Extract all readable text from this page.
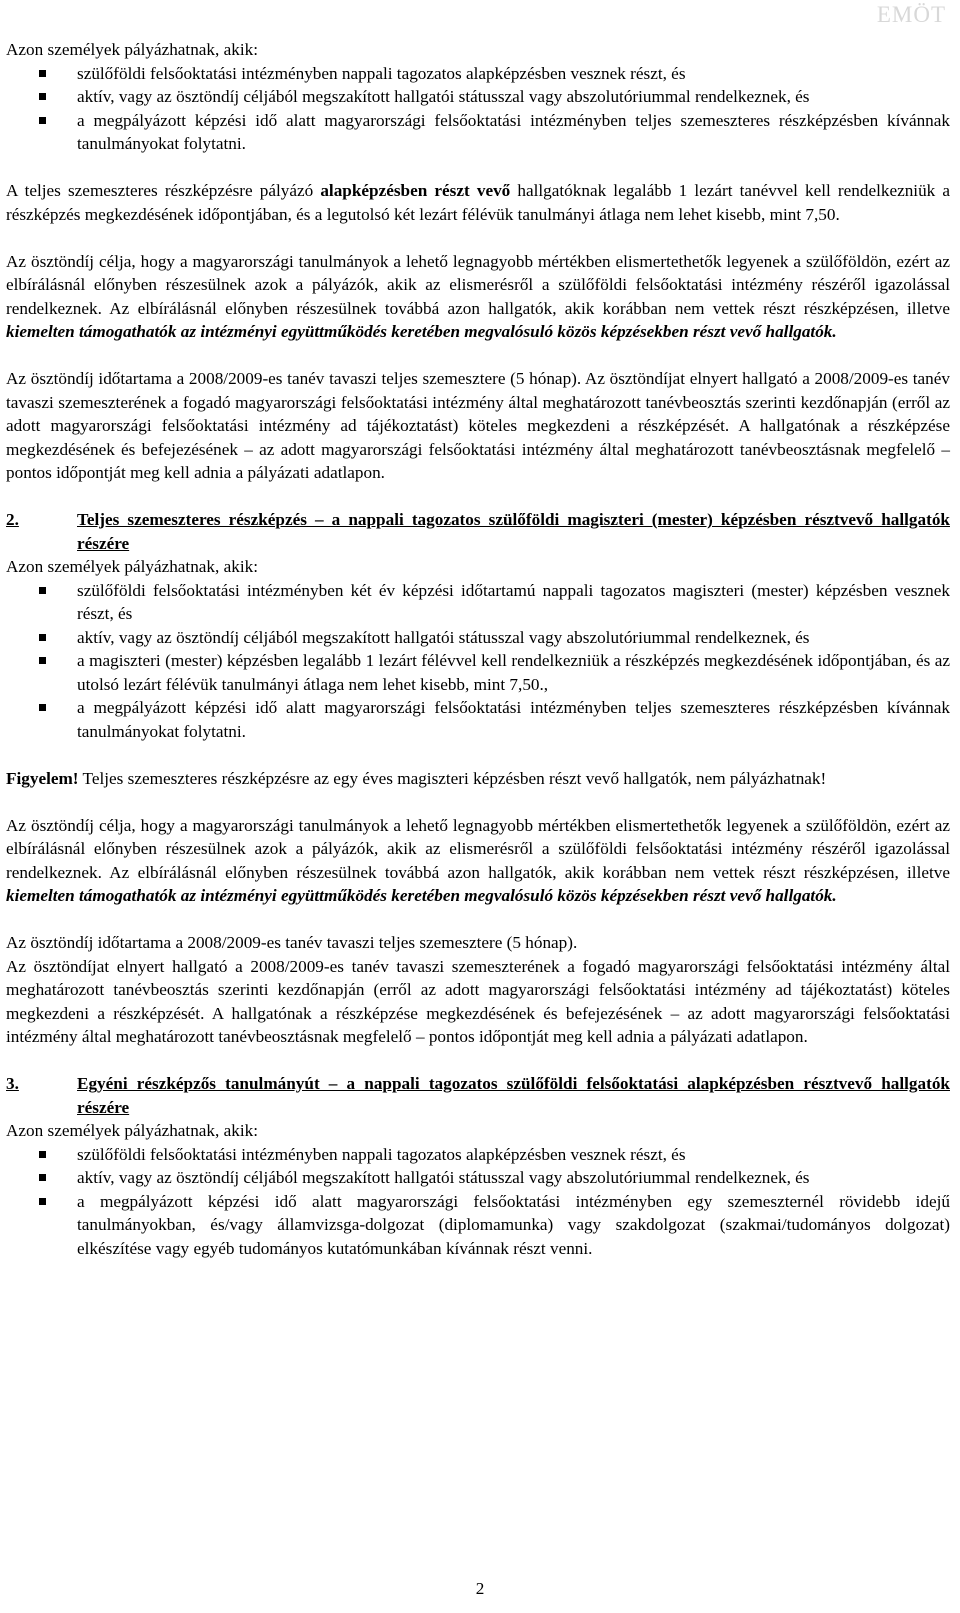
EMÖT

Azon személyek pályázhatnak, akik:

szülőföldi felsőoktatási intézményben nappali tagozatos alapképzésben vesznek részt, és
aktív, vagy az ösztöndíj céljából megszakított hallgatói státusszal vagy abszolutóriummal rendelkeznek, és
a megpályázott képzési idő alatt magyarországi felsőoktatási intézményben teljes szemeszteres részképzésben kívánnak tanulmányokat folytatni.

A teljes szemeszteres részképzésre pályázó alapképzésben részt vevő hallgatóknak legalább 1 lezárt tanévvel kell rendelkezniük a részképzés megkezdésének időpontjában, és a legutolsó két lezárt félévük tanulmányi átlaga nem lehet kisebb, mint 7,50.

Az ösztöndíj célja, hogy a magyarországi tanulmányok a lehető legnagyobb mértékben elismertethetők legyenek a szülőföldön, ezért az elbírálásnál előnyben részesülnek azok a pályázók, akik az elismerésről a szülőföldi felsőoktatási intézmény részéről igazolással rendelkeznek. Az elbírálásnál előnyben részesülnek továbbá azon hallgatók, akik korábban nem vettek részt részképzésen, illetve kiemelten támogathatók az intézményi együttműködés keretében megvalósuló közös képzésekben részt vevő hallgatók.

Az ösztöndíj időtartama a 2008/2009-es tanév tavaszi teljes szemesztere (5 hónap). Az ösztöndíjat elnyert hallgató a 2008/2009-es tanév tavaszi szemeszterének a fogadó magyarországi felsőoktatási intézmény által meghatározott tanévbeosztás szerinti kezdőnapján (erről az adott magyarországi felsőoktatási intézmény ad tájékoztatást) köteles megkezdeni a részképzését. A hallgatónak a részképzése megkezdésének és befejezésének – az adott magyarországi felsőoktatási intézmény által meghatározott tanévbeosztásnak megfelelő – pontos időpontját meg kell adnia a pályázati adatlapon.

2.	Teljes szemeszteres részképzés – a nappali tagozatos szülőföldi magiszteri (mester) képzésben résztvevő hallgatók részére

Azon személyek pályázhatnak, akik:

szülőföldi felsőoktatási intézményben két év képzési időtartamú nappali tagozatos magiszteri (mester) képzésben vesznek részt, és
aktív, vagy az ösztöndíj céljából megszakított hallgatói státusszal vagy abszolutóriummal rendelkeznek, és
a magiszteri (mester) képzésben legalább 1 lezárt félévvel kell rendelkezniük a részképzés megkezdésének időpontjában, és az utolsó lezárt félévük tanulmányi átlaga nem lehet kisebb, mint 7,50.,
a megpályázott képzési idő alatt magyarországi felsőoktatási intézményben teljes szemeszteres részképzésben kívánnak tanulmányokat folytatni.

Figyelem! Teljes szemeszteres részképzésre az egy éves magiszteri képzésben részt vevő hallgatók, nem pályázhatnak!

Az ösztöndíj célja, hogy a magyarországi tanulmányok a lehető legnagyobb mértékben elismertethetők legyenek a szülőföldön, ezért az elbírálásnál előnyben részesülnek azok a pályázók, akik az elismerésről a szülőföldi felsőoktatási intézmény részéről igazolással rendelkeznek. Az elbírálásnál előnyben részesülnek továbbá azon hallgatók, akik korábban nem vettek részt részképzésen, illetve kiemelten támogathatók az intézményi együttműködés keretében megvalósuló közös képzésekben részt vevő hallgatók.

Az ösztöndíj időtartama a 2008/2009-es tanév tavaszi teljes szemesztere (5 hónap).

Az ösztöndíjat elnyert hallgató a 2008/2009-es tanév tavaszi szemeszterének a fogadó magyarországi felsőoktatási intézmény által meghatározott tanévbeosztás szerinti kezdőnapján (erről az adott magyarországi felsőoktatási intézmény ad tájékoztatást) köteles megkezdeni a részképzését. A hallgatónak a részképzése megkezdésének és befejezésének – az adott magyarországi felsőoktatási intézmény által meghatározott tanévbeosztásnak megfelelő – pontos időpontját meg kell adnia a pályázati adatlapon.

3.	Egyéni részképzős tanulmányút – a nappali tagozatos szülőföldi felsőoktatási alapképzésben résztvevő hallgatók részére

Azon személyek pályázhatnak, akik:

szülőföldi felsőoktatási intézményben nappali tagozatos alapképzésben vesznek részt, és
aktív, vagy az ösztöndíj céljából megszakított hallgatói státusszal vagy abszolutóriummal rendelkeznek, és
a megpályázott képzési idő alatt magyarországi felsőoktatási intézményben egy szemeszternél rövidebb idejű tanulmányokban, és/vagy államvizsga-dolgozat (diplomamunka) vagy szakdolgozat (szakmai/tudományos dolgozat) elkészítése vagy egyéb tudományos kutatómunkában kívánnak részt venni.
2
